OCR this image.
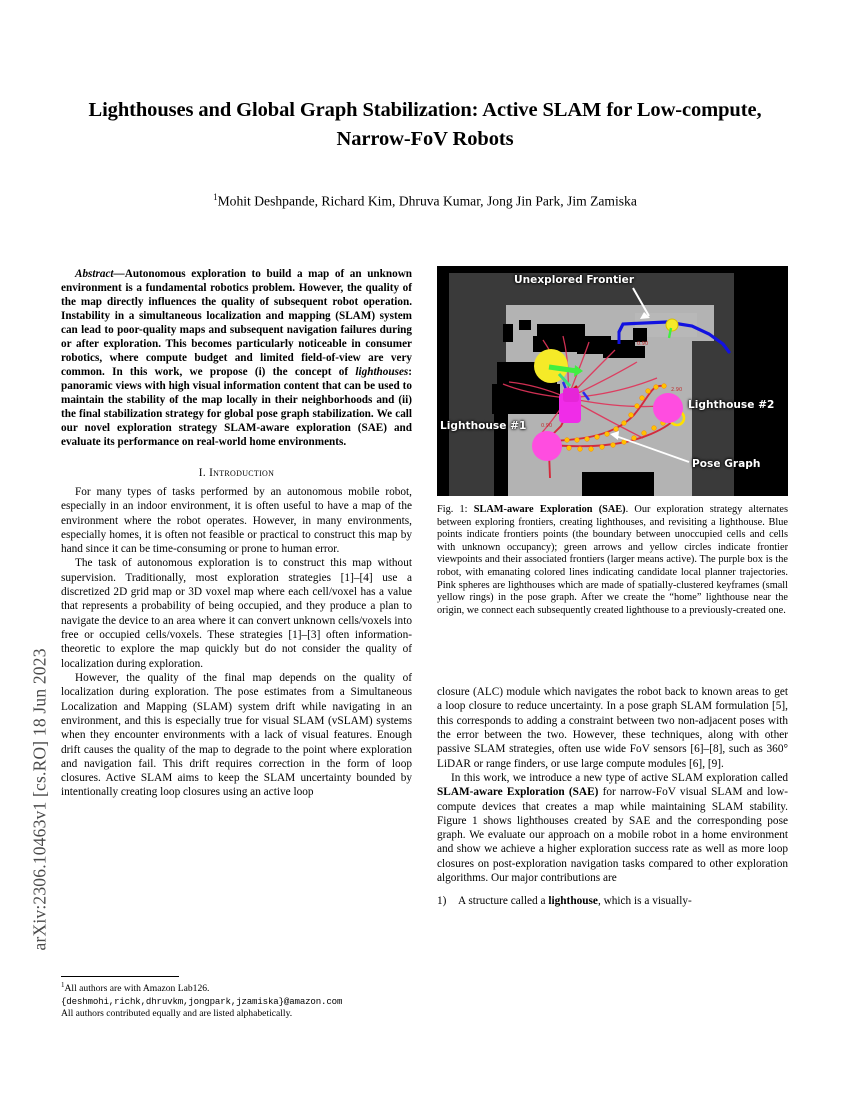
arXiv:2306.10463v1 [cs.RO] 18 Jun 2023
Lighthouses and Global Graph Stabilization: Active SLAM for Low-compute, Narrow-FoV Robots
$^1$Mohit Deshpande, Richard Kim, Dhruva Kumar, Jong Jin Park, Jim Zamiska

Abstract—Autonomous exploration to build a map of an unknown environment is a fundamental robotics problem. However, the quality of the map directly influences the quality of subsequent robot operation. Instability in a simultaneous localization and mapping (SLAM) system can lead to poor-quality maps and subsequent navigation failures during or after exploration. This becomes particularly noticeable in consumer robotics, where compute budget and limited field-of-view are very common. In this work, we propose (i) the concept of lighthouses: panoramic views with high visual information content that can be used to maintain the stability of the map locally in their neighborhoods and (ii) the final stabilization strategy for global pose graph stabilization. We call our novel exploration strategy SLAM-aware exploration (SAE) and evaluate its performance on real-world home environments.

I. Introduction

For many types of tasks performed by an autonomous mobile robot, especially in an indoor environment, it is often useful to have a map of the environment where the robot operates. However, in many environments, especially homes, it is often not feasible or practical to construct this map by hand since it can be time-consuming or prone to human error.

The task of autonomous exploration is to construct this map without supervision. Traditionally, most exploration strategies [1]–[4] use a discretized 2D grid map or 3D voxel map where each cell/voxel has a value that represents a probability of being occupied, and they produce a plan to navigate the device to an area where it can convert unknown cells/voxels into free or occupied cells/voxels. These strategies [1]–[3] often information-theoretic to explore the map quickly but do not consider the quality of localization during exploration.

However, the quality of the final map depends on the quality of localization during exploration. The pose estimates from a Simultaneous Localization and Mapping (SLAM) system drift while navigating in an environment, and this is especially true for visual SLAM (vSLAM) systems when they encounter environments with a lack of visual features. Enough drift causes the quality of the map to degrade to the point where exploration and navigation fail. This drift requires correction in the form of loop closures. Active SLAM aims to keep the SLAM uncertainty bounded by intentionally creating loop closures using an active loop

$^1$All authors are with Amazon Lab126.
{deshmohi,richk,dhruvkm,jongpark,jzamiska}@amazon.com
All authors contributed equally and are listed alphabetically.
0.90
0.90
2.90
Unexplored Frontier
Lighthouse #1
Lighthouse #2
Pose Graph
Fig. 1: SLAM-aware Exploration (SAE). Our exploration strategy alternates between exploring frontiers, creating lighthouses, and revisiting a lighthouse. Blue points indicate frontiers points (the boundary between unoccupied cells and cells with unknown occupancy); green arrows and yellow circles indicate frontier viewpoints and their associated frontiers (larger means active). The purple box is the robot, with emanating colored lines indicating candidate local planner trajectories. Pink spheres are lighthouses which are made of spatially-clustered keyframes (small yellow rings) in the pose graph. After we create the “home” lighthouse near the origin, we connect each subsequently created lighthouse to a previously-created one.

closure (ALC) module which navigates the robot back to known areas to get a loop closure to reduce uncertainty. In a pose graph SLAM formulation [5], this corresponds to adding a constraint between two non-adjacent poses with the error between the two. However, these techniques, along with other passive SLAM strategies, often use wide FoV sensors [6]–[8], such as 360° LiDAR or range finders, or use large compute modules [6], [9].

In this work, we introduce a new type of active SLAM exploration called SLAM-aware Exploration (SAE) for narrow-FoV visual SLAM and low-compute devices that creates a map while maintaining SLAM stability. Figure 1 shows lighthouses created by SAE and the corresponding pose graph. We evaluate our approach on a mobile robot in a home environment and show we achieve a higher exploration success rate as well as more loop closures on post-exploration navigation tasks compared to other exploration algorithms. Our major contributions are

1)	A structure called a lighthouse, which is a visually-
